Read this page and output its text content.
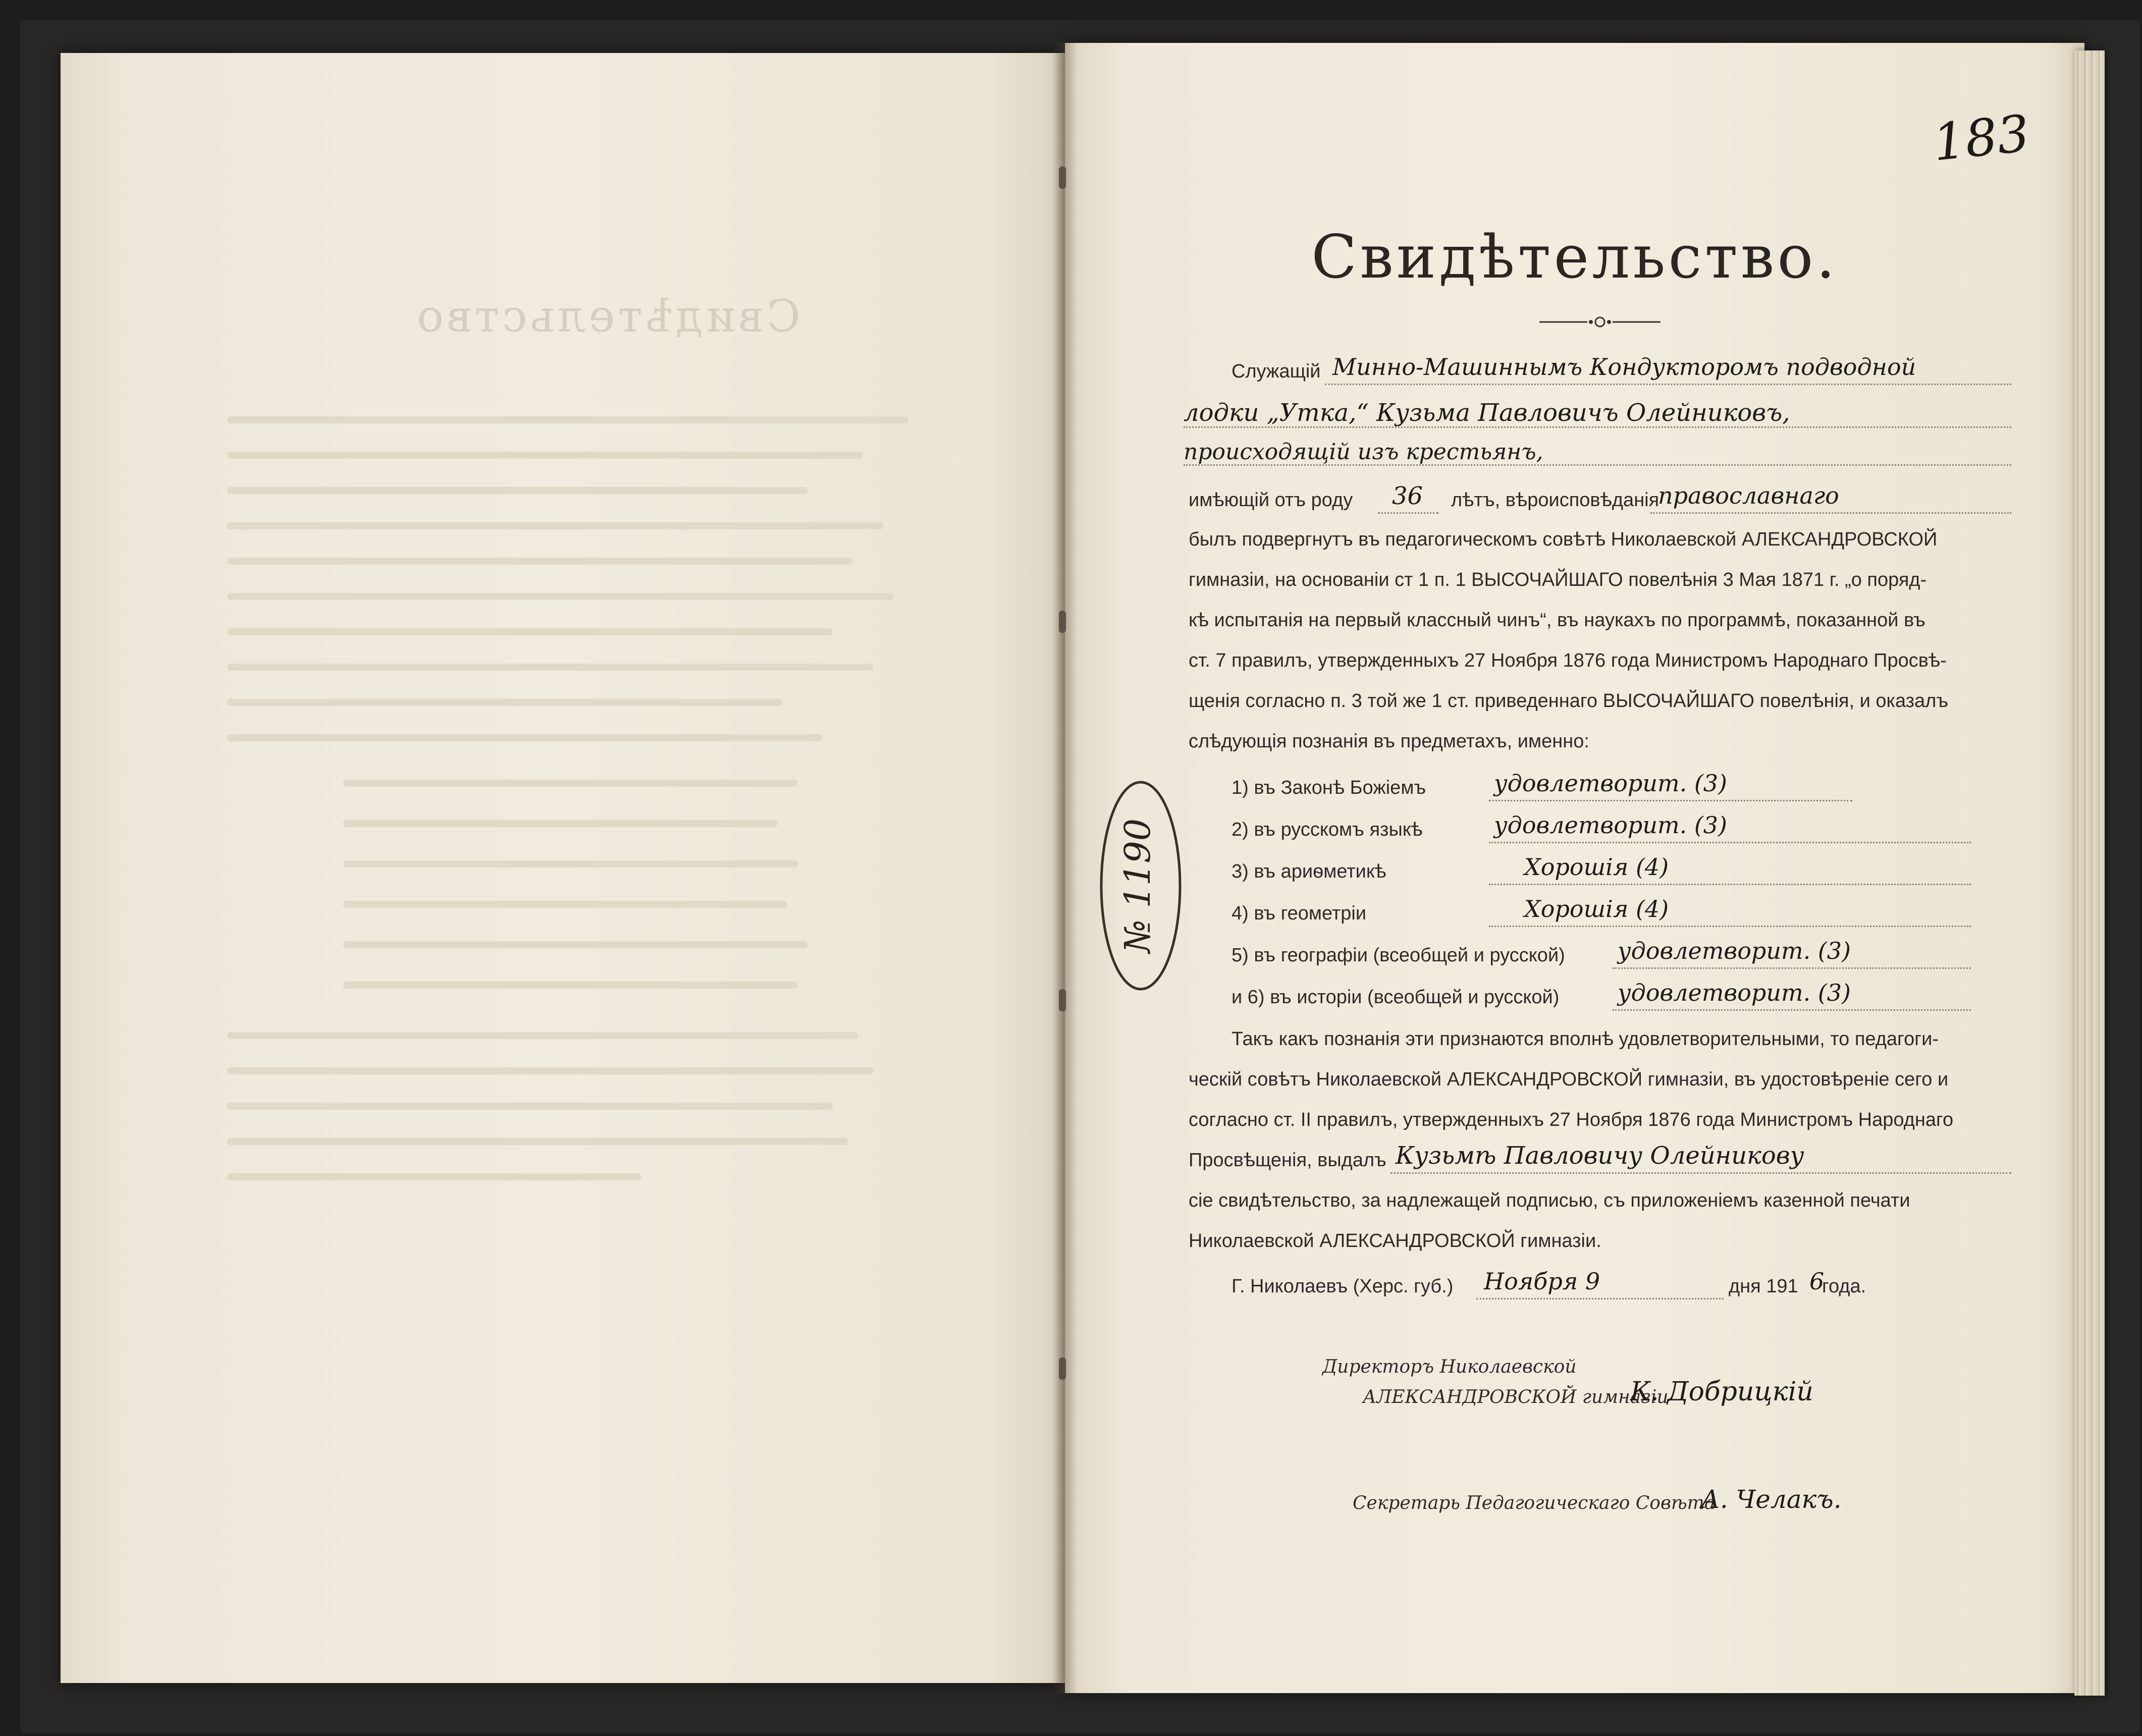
Свидѣтельство
183
Свидѣтельство.
Служащій Минно-Машиннымъ Кондукторомъ подводной
лодки „Утка,“ Кузьма Павловичъ Олейниковъ,
происходящій изъ крестьянъ,
имѣющій отъ роду 36 лѣтъ, вѣроисповѣданія
православнаго
былъ подвергнутъ въ педагогическомъ совѣтѣ Николаевской АЛЕКСАНДРОВСКОЙ
гимназіи, на основаніи ст 1 п. 1 ВЫСОЧАЙШАГО повелѣнія 3 Мая 1871 г. „о поряд-
кѣ испытанія на первый классный чинъ“, въ наукахъ по программѣ, показанной въ
ст. 7 правилъ, утвержденныхъ 27 Ноября 1876 года Министромъ Народнаго Просвѣ-
щенія согласно п. 3 той же 1 ст. приведеннаго ВЫСОЧАЙШАГО повелѣнія, и оказалъ
слѣдующія познанія въ предметахъ, именно:
1) въ Законѣ Божіемъ	удовлетворит. (3)
2) въ русскомъ языкѣ	удовлетворит. (3)
3) въ ариѳметикѣ	Хорошія (4)
4) въ геометріи	Хорошія (4)
5) въ географіи (всеобщей и русской) удовлетворит. (3)
и 6) въ исторіи (всеобщей и русской)	удовлетворит. (3)
Такъ какъ познанія эти признаются вполнѣ удовлетворительными, то педагоги-
ческій совѣтъ Николаевской АЛЕКСАНДРОВСКОЙ гимназіи, въ удостовѣреніе сего и
согласно ст. II правилъ, утвержденныхъ 27 Ноября 1876 года Министромъ Народнаго
Просвѣщенія, выдалъ Кузьмѣ Павловичу Олейникову
сіе свидѣтельство, за надлежащей подписью, съ приложеніемъ казенной печати
Николаевской АЛЕКСАНДРОВСКОЙ гимназіи.
Г. Николаевъ (Херс. губ.) Ноября 9	дня 191 6
года.
Директоръ Николаевской
АЛЕКСАНДРОВСКОЙ гимназіи
К. Добрицкій
Секретарь Педагогическаго Совѣта
А. Челакъ.
№ 1190
